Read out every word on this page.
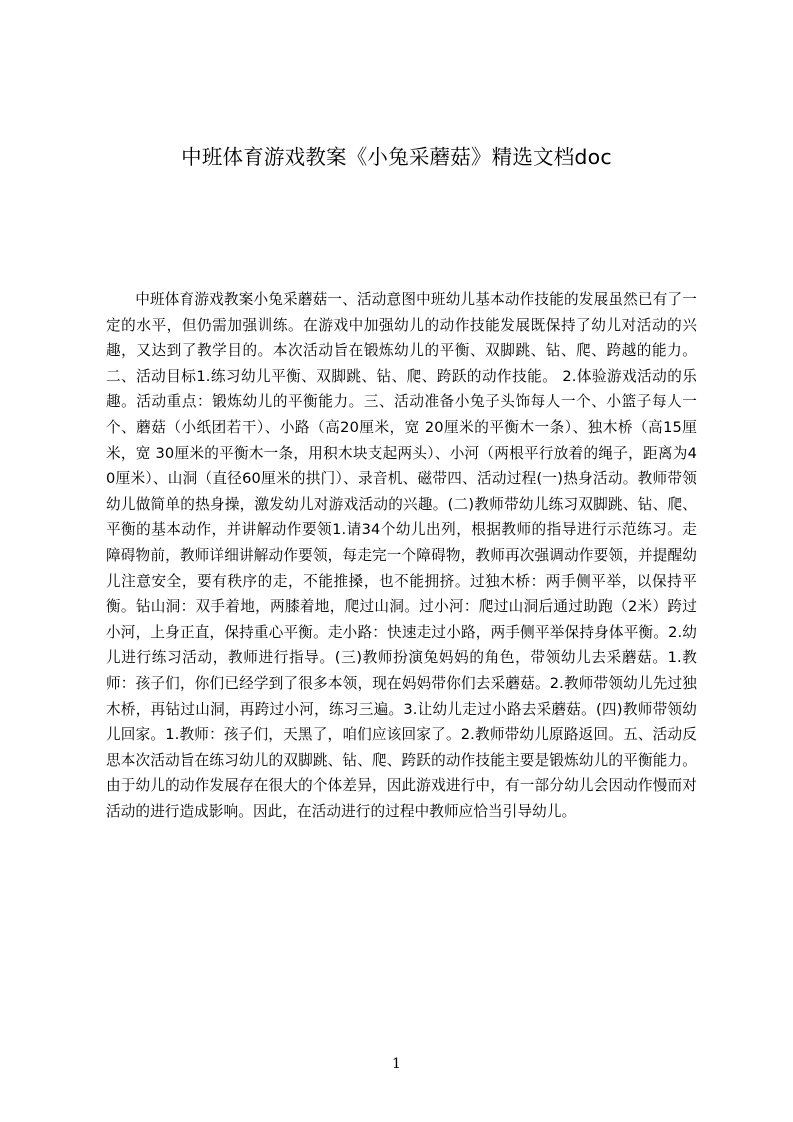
中班体育游戏教案《小兔采蘑菇》精选文档doc
中班体育游戏教案小兔采蘑菇一、活动意图中班幼儿基本动作技能的发展虽然已有了一定的水平，但仍需加强训练。在游戏中加强幼儿的动作技能发展既保持了幼儿对活动的兴趣，又达到了教学目的。本次活动旨在锻炼幼儿的平衡、双脚跳、钻、爬、跨越的能力。二、活动目标1.练习幼儿平衡、双脚跳、钻、爬、跨跃的动作技能。 2.体验游戏活动的乐趣。活动重点：锻炼幼儿的平衡能力。三、活动准备小兔子头饰每人一个、小篮子每人一个、蘑菇（小纸团若干）、小路（高20厘米，宽 20厘米的平衡木一条）、独木桥（高15厘米，宽 30厘米的平衡木一条，用积木块支起两头）、小河（两根平行放着的绳子，距离为40厘米）、山洞（直径60厘米的拱门）、录音机、磁带四、活动过程(一)热身活动。教师带领幼儿做简单的热身操，激发幼儿对游戏活动的兴趣。(二)教师带幼儿练习双脚跳、钻、爬、平衡的基本动作，并讲解动作要领1.请34个幼儿出列，根据教师的指导进行示范练习。走障碍物前，教师详细讲解动作要领，每走完一个障碍物，教师再次强调动作要领，并提醒幼儿注意安全，要有秩序的走，不能推搡，也不能拥挤。过独木桥：两手侧平举，以保持平衡。钻山洞：双手着地，两膝着地，爬过山洞。过小河：爬过山洞后通过助跑（2米）跨过小河，上身正直，保持重心平衡。走小路：快速走过小路，两手侧平举保持身体平衡。2.幼儿进行练习活动，教师进行指导。(三)教师扮演兔妈妈的角色，带领幼儿去采蘑菇。1.教师：孩子们，你们已经学到了很多本领，现在妈妈带你们去采蘑菇。2.教师带领幼儿先过独木桥，再钻过山洞，再跨过小河，练习三遍。3.让幼儿走过小路去采蘑菇。(四)教师带领幼儿回家。1.教师：孩子们，天黑了，咱们应该回家了。2.教师带幼儿原路返回。五、活动反思本次活动旨在练习幼儿的双脚跳、钻、爬、跨跃的动作技能主要是锻炼幼儿的平衡能力。由于幼儿的动作发展存在很大的个体差异，因此游戏进行中，有一部分幼儿会因动作慢而对活动的进行造成影响。因此，在活动进行的过程中教师应恰当引导幼儿。
1
